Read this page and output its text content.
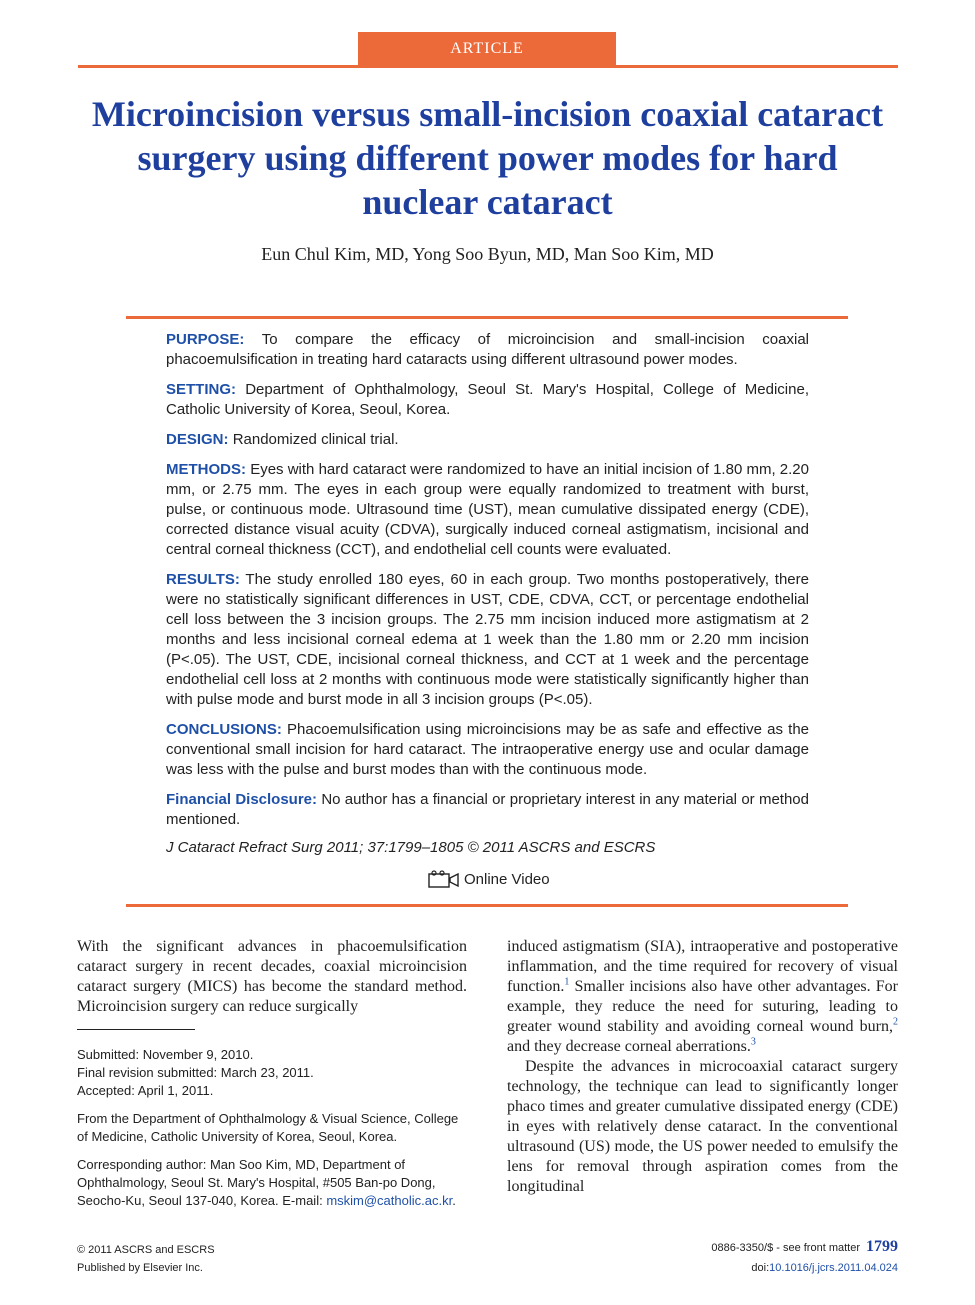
ARTICLE
Microincision versus small-incision coaxial cataract surgery using different power modes for hard nuclear cataract
Eun Chul Kim, MD, Yong Soo Byun, MD, Man Soo Kim, MD

PURPOSE: To compare the efficacy of microincision and small-incision coaxial phacoemulsification in treating hard cataracts using different ultrasound power modes.

SETTING: Department of Ophthalmology, Seoul St. Mary's Hospital, College of Medicine, Catholic University of Korea, Seoul, Korea.

DESIGN: Randomized clinical trial.

METHODS: Eyes with hard cataract were randomized to have an initial incision of 1.80 mm, 2.20 mm, or 2.75 mm. The eyes in each group were equally randomized to treatment with burst, pulse, or continuous mode. Ultrasound time (UST), mean cumulative dissipated energy (CDE), corrected distance visual acuity (CDVA), surgically induced corneal astigmatism, incisional and central corneal thickness (CCT), and endothelial cell counts were evaluated.

RESULTS: The study enrolled 180 eyes, 60 in each group. Two months postoperatively, there were no statistically significant differences in UST, CDE, CDVA, CCT, or percentage endothelial cell loss between the 3 incision groups. The 2.75 mm incision induced more astigmatism at 2 months and less incisional corneal edema at 1 week than the 1.80 mm or 2.20 mm incision (P<.05). The UST, CDE, incisional corneal thickness, and CCT at 1 week and the percentage endothelial cell loss at 2 months with continuous mode were statistically significantly higher than with pulse mode and burst mode in all 3 incision groups (P<.05).

CONCLUSIONS: Phacoemulsification using microincisions may be as safe and effective as the conventional small incision for hard cataract. The intraoperative energy use and ocular damage was less with the pulse and burst modes than with the continuous mode.

Financial Disclosure: No author has a financial or proprietary interest in any material or method mentioned.

J Cataract Refract Surg 2011; 37:1799–1805 © 2011 ASCRS and ESCRS
Online Video
With the significant advances in phacoemulsification cataract surgery in recent decades, coaxial microincision cataract surgery (MICS) has become the standard method. Microincision surgery can reduce surgically

Submitted: November 9, 2010.

Final revision submitted: March 23, 2011.

Accepted: April 1, 2011.

From the Department of Ophthalmology & Visual Science, College of Medicine, Catholic University of Korea, Seoul, Korea.

Corresponding author: Man Soo Kim, MD, Department of Ophthalmology, Seoul St. Mary's Hospital, #505 Ban-po Dong, Seocho-Ku, Seoul 137-040, Korea. E-mail: mskim@catholic.ac.kr.

induced astigmatism (SIA), intraoperative and postoperative inflammation, and the time required for recovery of visual function.$^1$ Smaller incisions also have other advantages. For example, they reduce the need for suturing, leading to greater wound stability and avoiding corneal wound burn,$^2$ and they decrease corneal aberrations.$^3$

Despite the advances in microcoaxial cataract surgery technology, the technique can lead to significantly longer phaco times and greater cumulative dissipated energy (CDE) in eyes with relatively dense cataract. In the conventional ultrasound (US) mode, the US power needed to emulsify the lens for removal through aspiration comes from the longitudinal

© 2011 ASCRS and ESCRS
Published by Elsevier Inc.
0886-3350/$ - see front matter 1799
doi:10.1016/j.jcrs.2011.04.024
